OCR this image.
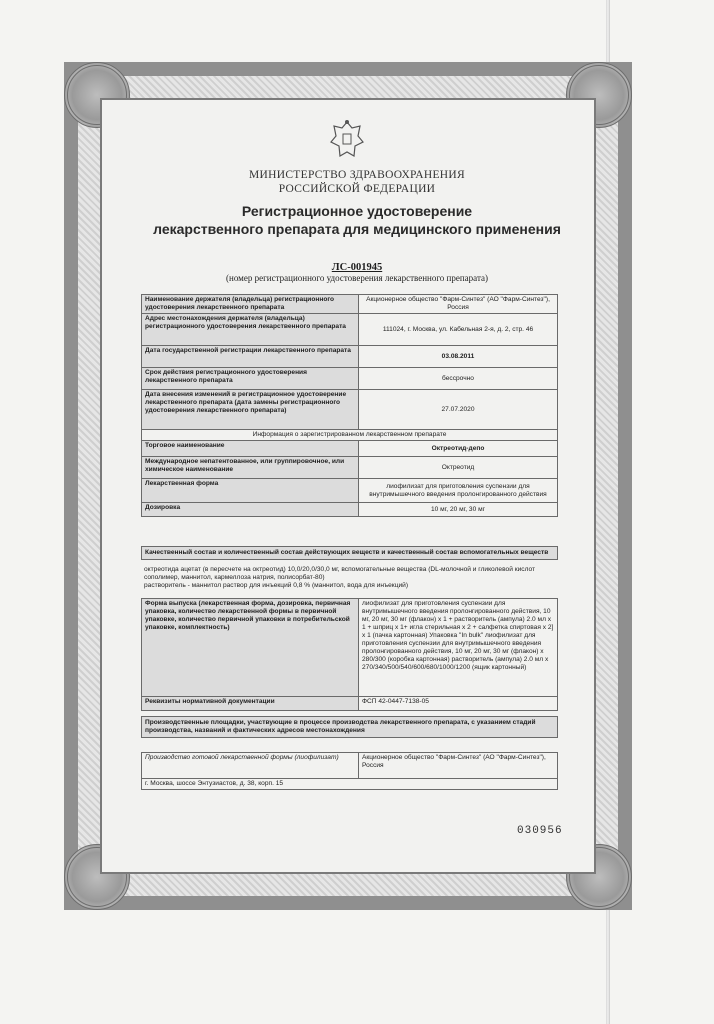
МИНИСТЕРСТВО ЗДРАВООХРАНЕНИЯ
РОССИЙСКОЙ ФЕДЕРАЦИИ
Регистрационное удостоверение
лекарственного препарата для медицинского применения
ЛС-001945
(номер регистрационного удостоверения лекарственного препарата)
Наименование держателя (владельца) регистрационного удостоверения лекарственного препарата	Акционерное общество "Фарм-Синтез" (АО "Фарм-Синтез"), Россия
Адрес местонахождения держателя (владельца) регистрационного удостоверения лекарственного препарата	111024, г. Москва, ул. Кабельная 2-я, д. 2, стр. 46
Дата государственной регистрации лекарственного препарата	03.08.2011
Срок действия регистрационного удостоверения лекарственного препарата	бессрочно
Дата внесения изменений в регистрационное удостоверение лекарственного препарата (дата замены регистрационного удостоверения лекарственного препарата)	27.07.2020
Информация о зарегистрированном лекарственном препарате	
Торговое наименование	Октреотид-депо
Международное непатентованное, или группировочное, или химическое наименование	Октреотид
Лекарственная форма	лиофилизат для приготовления суспензии для внутримышечного введения пролонгированного действия
Дозировка	10 мг, 20 мг, 30 мг
Качественный состав и количественный состав действующих веществ и качественный состав вспомогательных веществ
октреотида ацетат (в пересчете на октреотид) 10,0/20,0/30,0 мг, вспомогательные вещества (DL-молочной и гликолевой кислот
сополимер, маннитол, кармеллоза натрия, полисорбат-80)
растворитель - маннитол раствор для инъекций 0,8 % (маннитол, вода для инъекций)
Форма выпуска (лекарственная форма, дозировка, первичная упаковка, количество лекарственной формы в первичной упаковке, количество первичной упаковки в потребительской упаковке, комплектность)	лиофилизат для приготовления суспензии для внутримышечного введения пролонгированного действия, 10 мг, 20 мг, 30 мг (флакон) х 1 + растворитель (ампула) 2.0 мл х 1 + шприц х 1+ игла стерильная х 2 + салфетка спиртовая х 2] х 1 (пачка картонная) Упаковка "In bulk" лиофилизат для приготовления суспензии для внутримышечного введения пролонгированного действия, 10 мг, 20 мг, 30 мг (флакон) х 280/300 (коробка картонная) растворитель (ампула) 2.0 мл х 270/340/500/540/600/680/1000/1200 (ящик картонный)
Реквизиты нормативной документации	ФСП 42-0447-7138-05
Производственные площадки, участвующие в процессе производства лекарственного препарата, с указанием стадий производства, названий и фактических адресов местонахождения
Производство готовой лекарственной формы (лиофилизат)	Акционерное общество "Фарм-Синтез" (АО "Фарм-Синтез"), Россия
г. Москва, шоссе Энтузиастов, д. 38, корп. 15
030956
